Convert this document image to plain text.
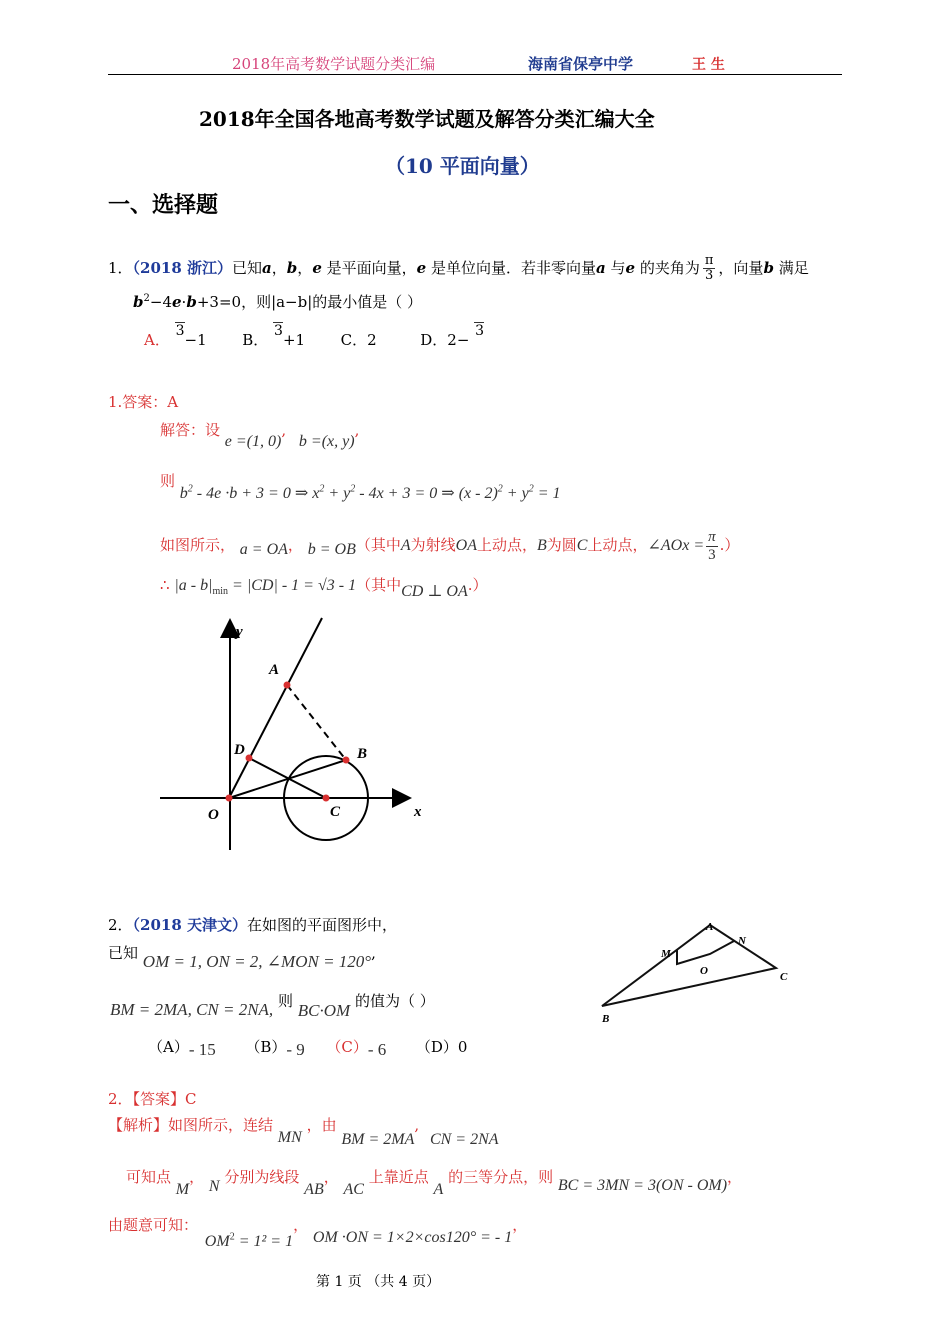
2018年高考数学试题分类汇编	海南省保亭中学	王 生
2018年全国各地高考数学试题及解答分类汇编大全
（10 平面向量）
一、选择题
1．（2018 浙江）已知a，b，e 是平面向量，e 是单位向量．若非零向量a 与e 的夹角为 $\frac{\pi}{3}$ ，向量b 满足
$b^2-4e\cdot b+3=0$，则|a−b|的最小值是（ ）
A． 3−1 B． 3+1 C．2	D．2− 3
1.答案：A
解答：设 e =(1, 0), b =(x, y),
则 $b^2 - 4e \cdot b + 3 = 0$ ⇒ $x^2 + y^2 - 4x + 3 = 0$ ⇒ $(x - 2)^2 + y^2 = 1$
如图所示， a = OA， b = OB（其中A为射线OA上动点，B为圆C上动点，∠AOx = $\frac{\pi}{3}$ .）
∴ $|a - b|_{min} = |CD| - 1 = √3 - 1$（其中CD ⊥ OA.）
y
x
O
A
B
C
D
2．（2018 天津文）在如图的平面图形中，
已知 OM = 1, ON = 2, ∠MON = 120°,
BM = 2MA, CN = 2NA, 则 BC·OM 的值为（ ）
（A）- 15 （B）- 9 （C）- 6 （D）0
A
N
M
O	C
B
2．【答案】C
【解析】如图所示，连结 MN ，由 BM = 2MA, CN = 2NA
可知点 M， N 分别为线段 AB， AC 上靠近点 A 的三等分点，则 BC = 3MN = 3(ON - OM)，
由题意可知： $OM^2 = 1^2 = 1$， OM ·ON = 1×2×cos120° = - 1，
第 1 页 （共 4 页）
